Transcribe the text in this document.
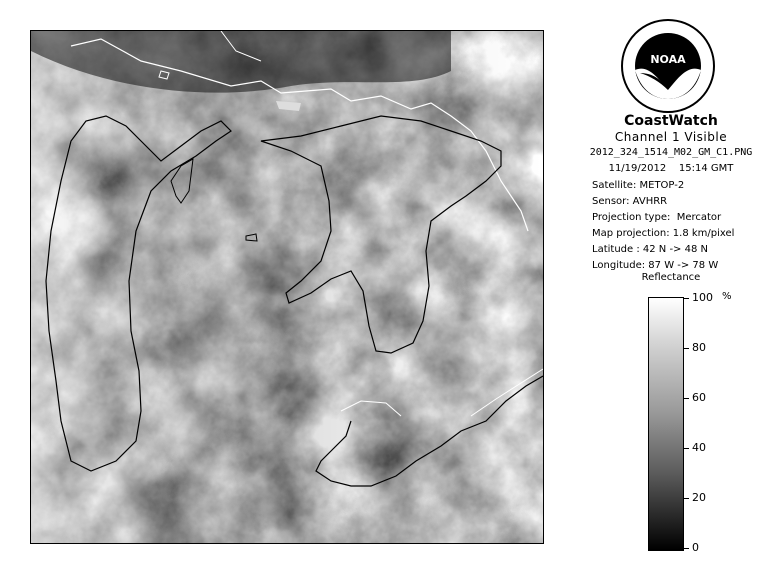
NOAA
CoastWatch
Channel 1 Visible
2012_324_1514_M02_GM_C1.PNG
11/19/2012    15:14 GMT
Satellite: METOP-2
Sensor: AVHRR
Projection type:  Mercator
Map projection: 1.8 km/pixel
Latitude : 42 N -> 48 N
Longitude: 87 W -> 78 W
Reflectance
%
100
80
60
40
20
0
